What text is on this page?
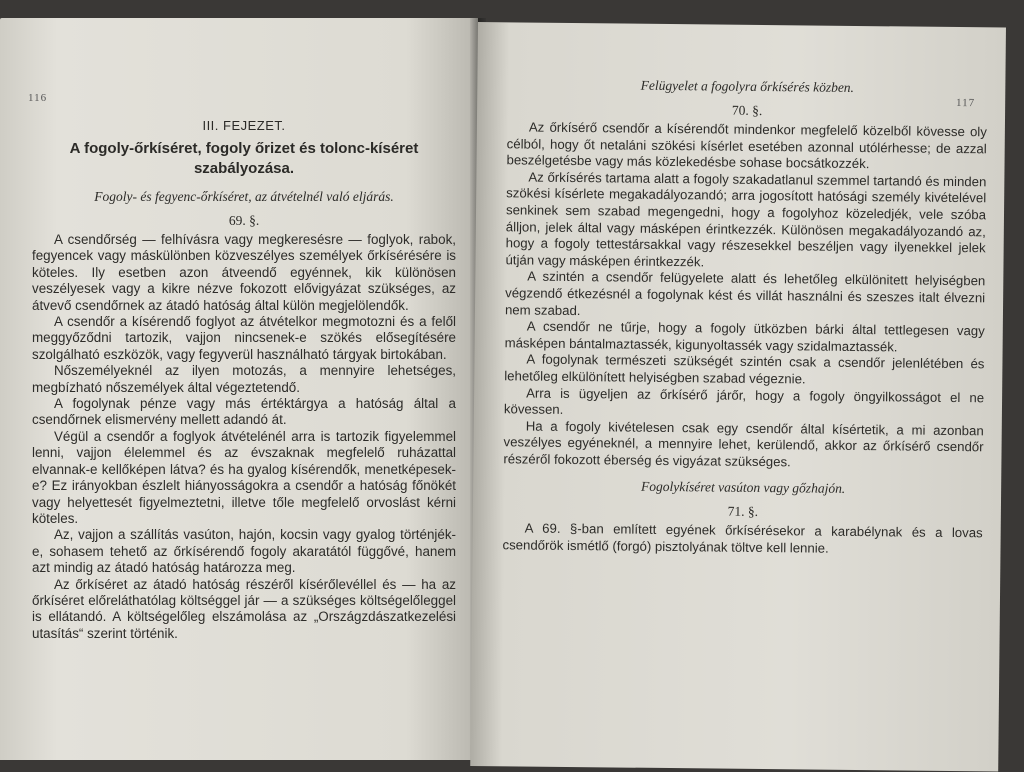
116
III. FEJEZET.
A fogoly-őrkíséret, fogoly őrizet és tolonc-kíséret szabályozása.
Fogoly- és fegyenc-őrkíséret, az átvételnél való eljárás.
69. §.

A csendőrség — felhívásra vagy megkeresésre — foglyok, rabok, fegyencek vagy máskülönben közveszélyes személyek őrkísérésére is köteles. Ily esetben azon átveendő egyénnek, kik különösen veszélyesek vagy a kikre nézve fokozott elővigyázat szükséges, az átvevő csendőrnek az átadó hatóság által külön megjelölendők.

A csendőr a kísérendő foglyot az átvételkor megmotozni és a felől meggyőződni tartozik, vajjon nincsenek-e szökés elősegítésére szolgálható eszközök, vagy fegyverül használható tárgyak birtokában.

Nőszemélyeknél az ilyen motozás, a mennyire lehetséges, megbízható nőszemélyek által végeztetendő.

A fogolynak pénze vagy más értéktárgya a hatóság által a csendőrnek elismervény mellett adandó át.

Végül a csendőr a foglyok átvételénél arra is tartozik figyelemmel lenni, vajjon élelemmel és az évszaknak megfelelő ruházattal elvannak-e kellőképen látva? és ha gyalog kísérendők, menetképesek-e? Ez irányokban észlelt hiányosságokra a csendőr a hatóság főnökét vagy helyettesét figyelmeztetni, illetve tőle megfelelő orvoslást kérni köteles.

Az, vajjon a szállítás vasúton, hajón, kocsin vagy gyalog történjék-e, sohasem tehető az őrkísérendő fogoly akaratától függővé, hanem azt mindig az átadó hatóság határozza meg.

Az őrkíséret az átadó hatóság részéről kísérőlevéllel és — ha az őrkíséret előreláthatólag költséggel jár — a szükséges költségelőleggel is ellátandó. A költségelőleg elszámolása az „Országzdászatkezelési utasítás“ szerint történik.

117
Felügyelet a fogolyra őrkísérés közben.
70. §.

Az őrkísérő csendőr a kísérendőt mindenkor megfelelő közelből kövesse oly célból, hogy őt netaláni szökési kísérlet esetében azonnal utólérhesse; de azzal beszélgetésbe vagy más közlekedésbe sohase bocsátkozzék.

Az őrkísérés tartama alatt a fogoly szakadatlanul szemmel tartandó és minden szökési kísérlete megakadályozandó; arra jogosított hatósági személy kivételével senkinek sem szabad megengedni, hogy a fogolyhoz közeledjék, vele szóba álljon, jelek által vagy másképen érintkezzék. Különösen megakadályozandó az, hogy a fogoly tettestársakkal vagy részesekkel beszéljen vagy ilyenekkel jelek útján vagy másképen érintkezzék.

A szintén a csendőr felügyelete alatt és lehetőleg elkülönitett helyiségben végzendő étkezésnél a fogolynak kést és villát használni és szeszes italt élvezni nem szabad.

A csendőr ne tűrje, hogy a fogoly ütközben bárki által tettlegesen vagy másképen bántalmaztassék, kigunyoltassék vagy szidalmaztassék.

A fogolynak természeti szükségét szintén csak a csendőr jelenlétében és lehetőleg elkülönített helyiségben szabad végeznie.

Arra is ügyeljen az őrkísérő járőr, hogy a fogoly öngyilkosságot el ne kövessen.

Ha a fogoly kivételesen csak egy csendőr által kísértetik, a mi azonban veszélyes egyéneknél, a mennyire lehet, kerülendő, akkor az őrkísérő csendőr részéről fokozott éberség és vigyázat szükséges.

Fogolykíséret vasúton vagy gőzhajón.
71. §.

A 69. §-ban említett egyének őrkísérésekor a karabélynak és a lovas csendőrök ismétlő (forgó) pisztolyának töltve kell lennie.
